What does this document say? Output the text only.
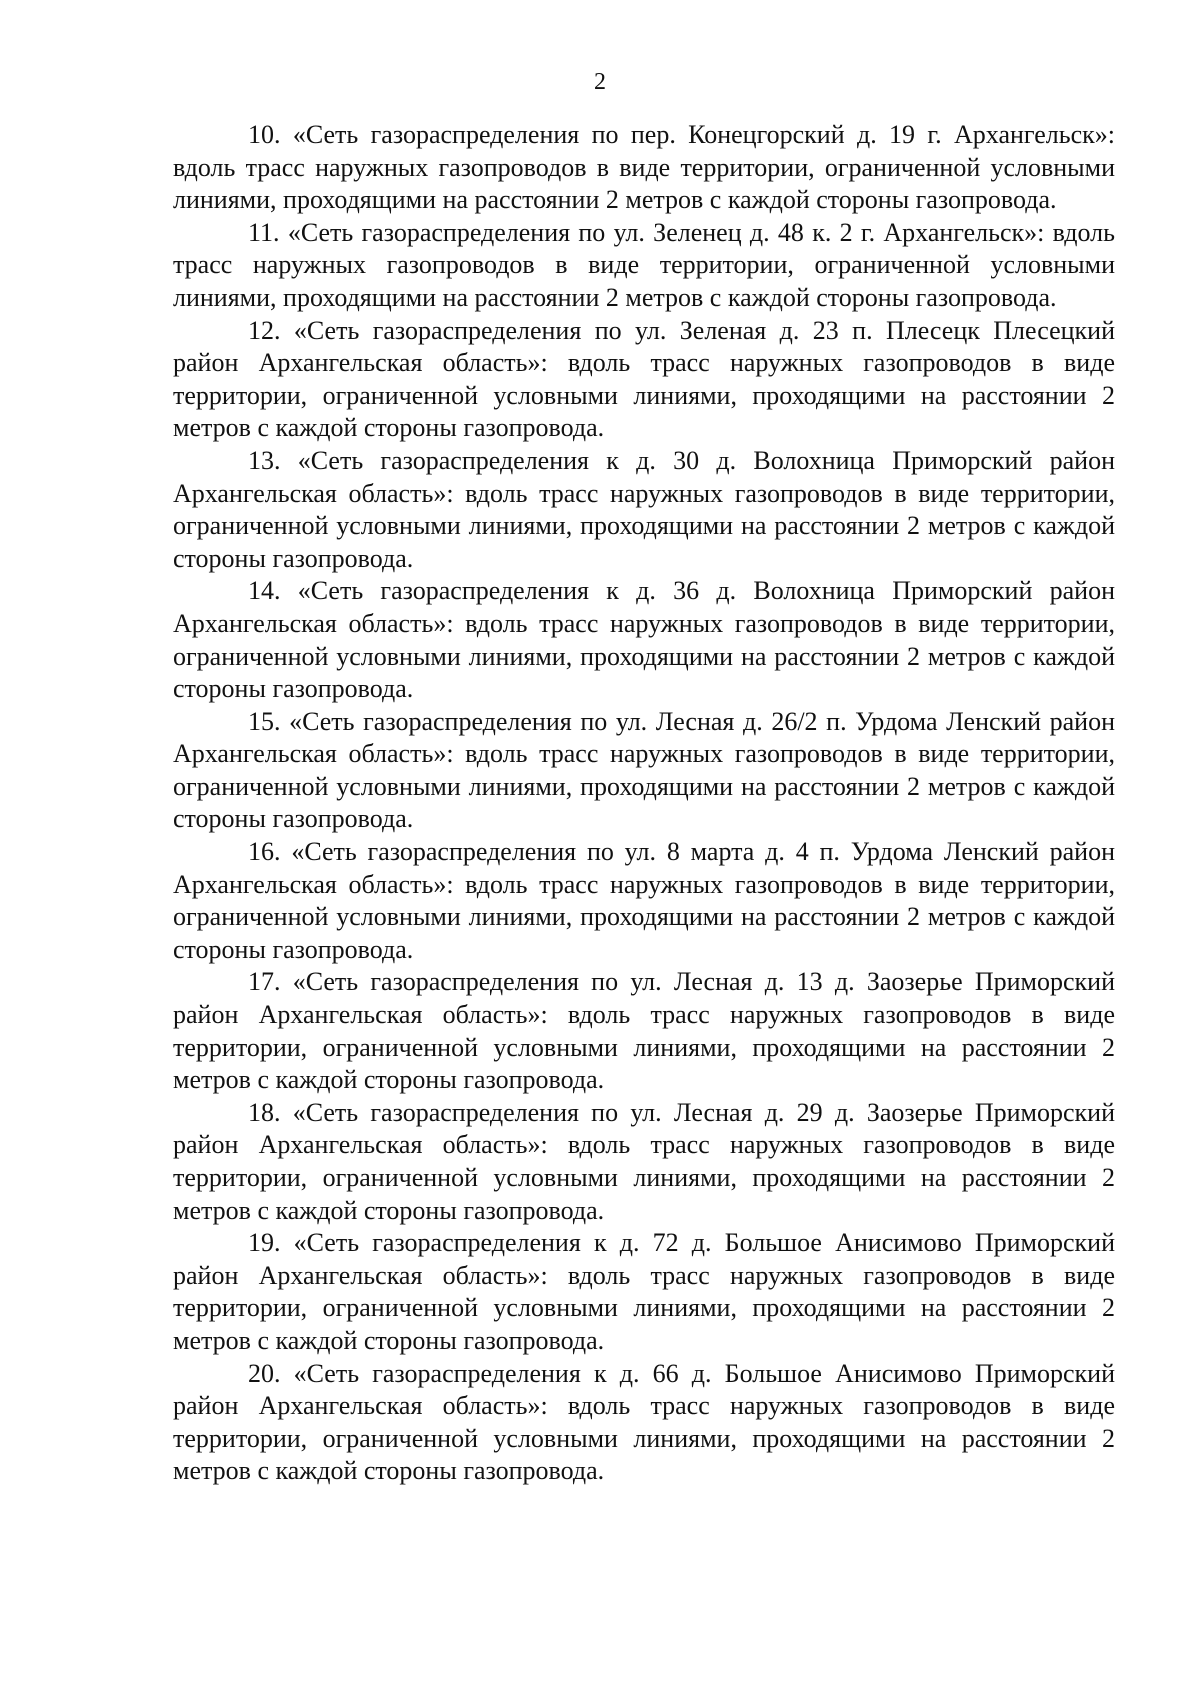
2

10. «Сеть газораспределения по пер. Конецгорский д. 19 г. Архангельск»: вдоль трасс наружных газопроводов в виде территории, ограниченной условными линиями, проходящими на расстоянии 2 метров с каждой стороны газопровода.

11. «Сеть газораспределения по ул. Зеленец д. 48 к. 2 г. Архангельск»: вдоль трасс наружных газопроводов в виде территории, ограниченной условными линиями, проходящими на расстоянии 2 метров с каждой стороны газопровода.

12. «Сеть газораспределения по ул. Зеленая д. 23 п. Плесецк Плесецкий район Архангельская область»: вдоль трасс наружных газопроводов в виде территории, ограниченной условными линиями, проходящими на расстоянии 2 метров с каждой стороны газопровода.

13. «Сеть газораспределения к д. 30 д. Волохница Приморский район Архангельская область»: вдоль трасс наружных газопроводов в виде территории, ограниченной условными линиями, проходящими на расстоянии 2 метров с каждой стороны газопровода.

14. «Сеть газораспределения к д. 36 д. Волохница Приморский район Архангельская область»: вдоль трасс наружных газопроводов в виде территории, ограниченной условными линиями, проходящими на расстоянии 2 метров с каждой стороны газопровода.

15. «Сеть газораспределения по ул. Лесная д. 26/2 п. Урдома Ленский район Архангельская область»: вдоль трасс наружных газопроводов в виде территории, ограниченной условными линиями, проходящими на расстоянии 2 метров с каждой стороны газопровода.

16. «Сеть газораспределения по ул. 8 марта д. 4 п. Урдома Ленский район Архангельская область»: вдоль трасс наружных газопроводов в виде территории, ограниченной условными линиями, проходящими на расстоянии 2 метров с каждой стороны газопровода.

17. «Сеть газораспределения по ул. Лесная д. 13 д. Заозерье Приморский район Архангельская область»: вдоль трасс наружных газопроводов в виде территории, ограниченной условными линиями, проходящими на расстоянии 2 метров с каждой стороны газопровода.

18. «Сеть газораспределения по ул. Лесная д. 29 д. Заозерье Приморский район Архангельская область»: вдоль трасс наружных газопроводов в виде территории, ограниченной условными линиями, проходящими на расстоянии 2 метров с каждой стороны газопровода.

19. «Сеть газораспределения к д. 72 д. Большое Анисимово Приморский район Архангельская область»: вдоль трасс наружных газопроводов в виде территории, ограниченной условными линиями, проходящими на расстоянии 2 метров с каждой стороны газопровода.

20. «Сеть газораспределения к д. 66 д. Большое Анисимово Приморский район Архангельская область»: вдоль трасс наружных газопроводов в виде территории, ограниченной условными линиями, проходящими на расстоянии 2 метров с каждой стороны газопровода.
